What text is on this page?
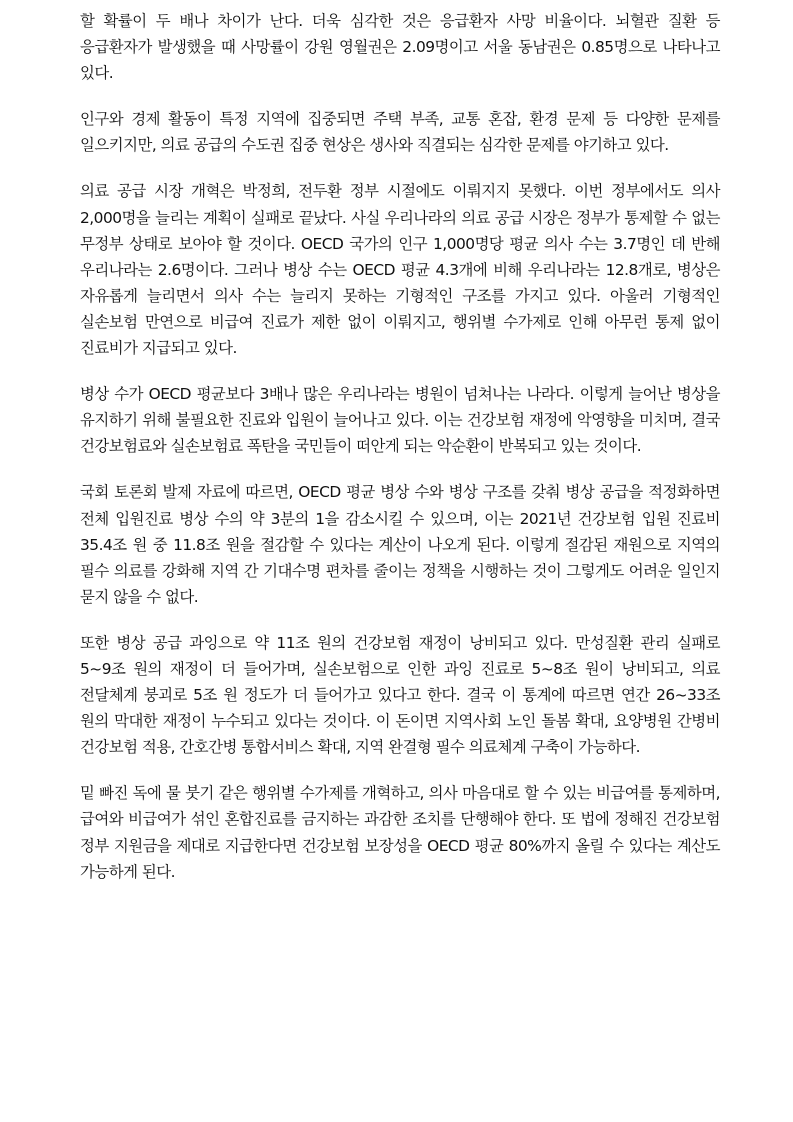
할 확률이 두 배나 차이가 난다. 더욱 심각한 것은 응급환자 사망 비율이다. 뇌혈관 질환 등 응급환자가 발생했을 때 사망률이 강원 영월권은 2.09명이고 서울 동남권은 0.85명으로 나타나고 있다.

인구와 경제 활동이 특정 지역에 집중되면 주택 부족, 교통 혼잡, 환경 문제 등 다양한 문제를 일으키지만, 의료 공급의 수도권 집중 현상은 생사와 직결되는 심각한 문제를 야기하고 있다.

의료 공급 시장 개혁은 박정희, 전두환 정부 시절에도 이뤄지지 못했다. 이번 정부에서도 의사 2,000명을 늘리는 계획이 실패로 끝났다. 사실 우리나라의 의료 공급 시장은 정부가 통제할 수 없는 무정부 상태로 보아야 할 것이다. OECD 국가의 인구 1,000명당 평균 의사 수는 3.7명인 데 반해 우리나라는 2.6명이다. 그러나 병상 수는 OECD 평균 4.3개에 비해 우리나라는 12.8개로, 병상은 자유롭게 늘리면서 의사 수는 늘리지 못하는 기형적인 구조를 가지고 있다. 아울러 기형적인 실손보험 만연으로 비급여 진료가 제한 없이 이뤄지고, 행위별 수가제로 인해 아무런 통제 없이 진료비가 지급되고 있다.

병상 수가 OECD 평균보다 3배나 많은 우리나라는 병원이 넘쳐나는 나라다. 이렇게 늘어난 병상을 유지하기 위해 불필요한 진료와 입원이 늘어나고 있다. 이는 건강보험 재정에 악영향을 미치며, 결국 건강보험료와 실손보험료 폭탄을 국민들이 떠안게 되는 악순환이 반복되고 있는 것이다.

국회 토론회 발제 자료에 따르면, OECD 평균 병상 수와 병상 구조를 갖춰 병상 공급을 적정화하면 전체 입원진료 병상 수의 약 3분의 1을 감소시킬 수 있으며, 이는 2021년 건강보험 입원 진료비 35.4조 원 중 11.8조 원을 절감할 수 있다는 계산이 나오게 된다. 이렇게 절감된 재원으로 지역의 필수 의료를 강화해 지역 간 기대수명 편차를 줄이는 정책을 시행하는 것이 그렇게도 어려운 일인지 묻지 않을 수 없다.

또한 병상 공급 과잉으로 약 11조 원의 건강보험 재정이 낭비되고 있다. 만성질환 관리 실패로 5~9조 원의 재정이 더 들어가며, 실손보험으로 인한 과잉 진료로 5~8조 원이 낭비되고, 의료 전달체계 붕괴로 5조 원 정도가 더 들어가고 있다고 한다. 결국 이 통계에 따르면 연간 26~33조 원의 막대한 재정이 누수되고 있다는 것이다. 이 돈이면 지역사회 노인 돌봄 확대, 요양병원 간병비 건강보험 적용, 간호간병 통합서비스 확대, 지역 완결형 필수 의료체계 구축이 가능하다.

밑 빠진 독에 물 붓기 같은 행위별 수가제를 개혁하고, 의사 마음대로 할 수 있는 비급여를 통제하며, 급여와 비급여가 섞인 혼합진료를 금지하는 과감한 조치를 단행해야 한다. 또 법에 정해진 건강보험 정부 지원금을 제대로 지급한다면 건강보험 보장성을 OECD 평균 80%까지 올릴 수 있다는 계산도 가능하게 된다.
